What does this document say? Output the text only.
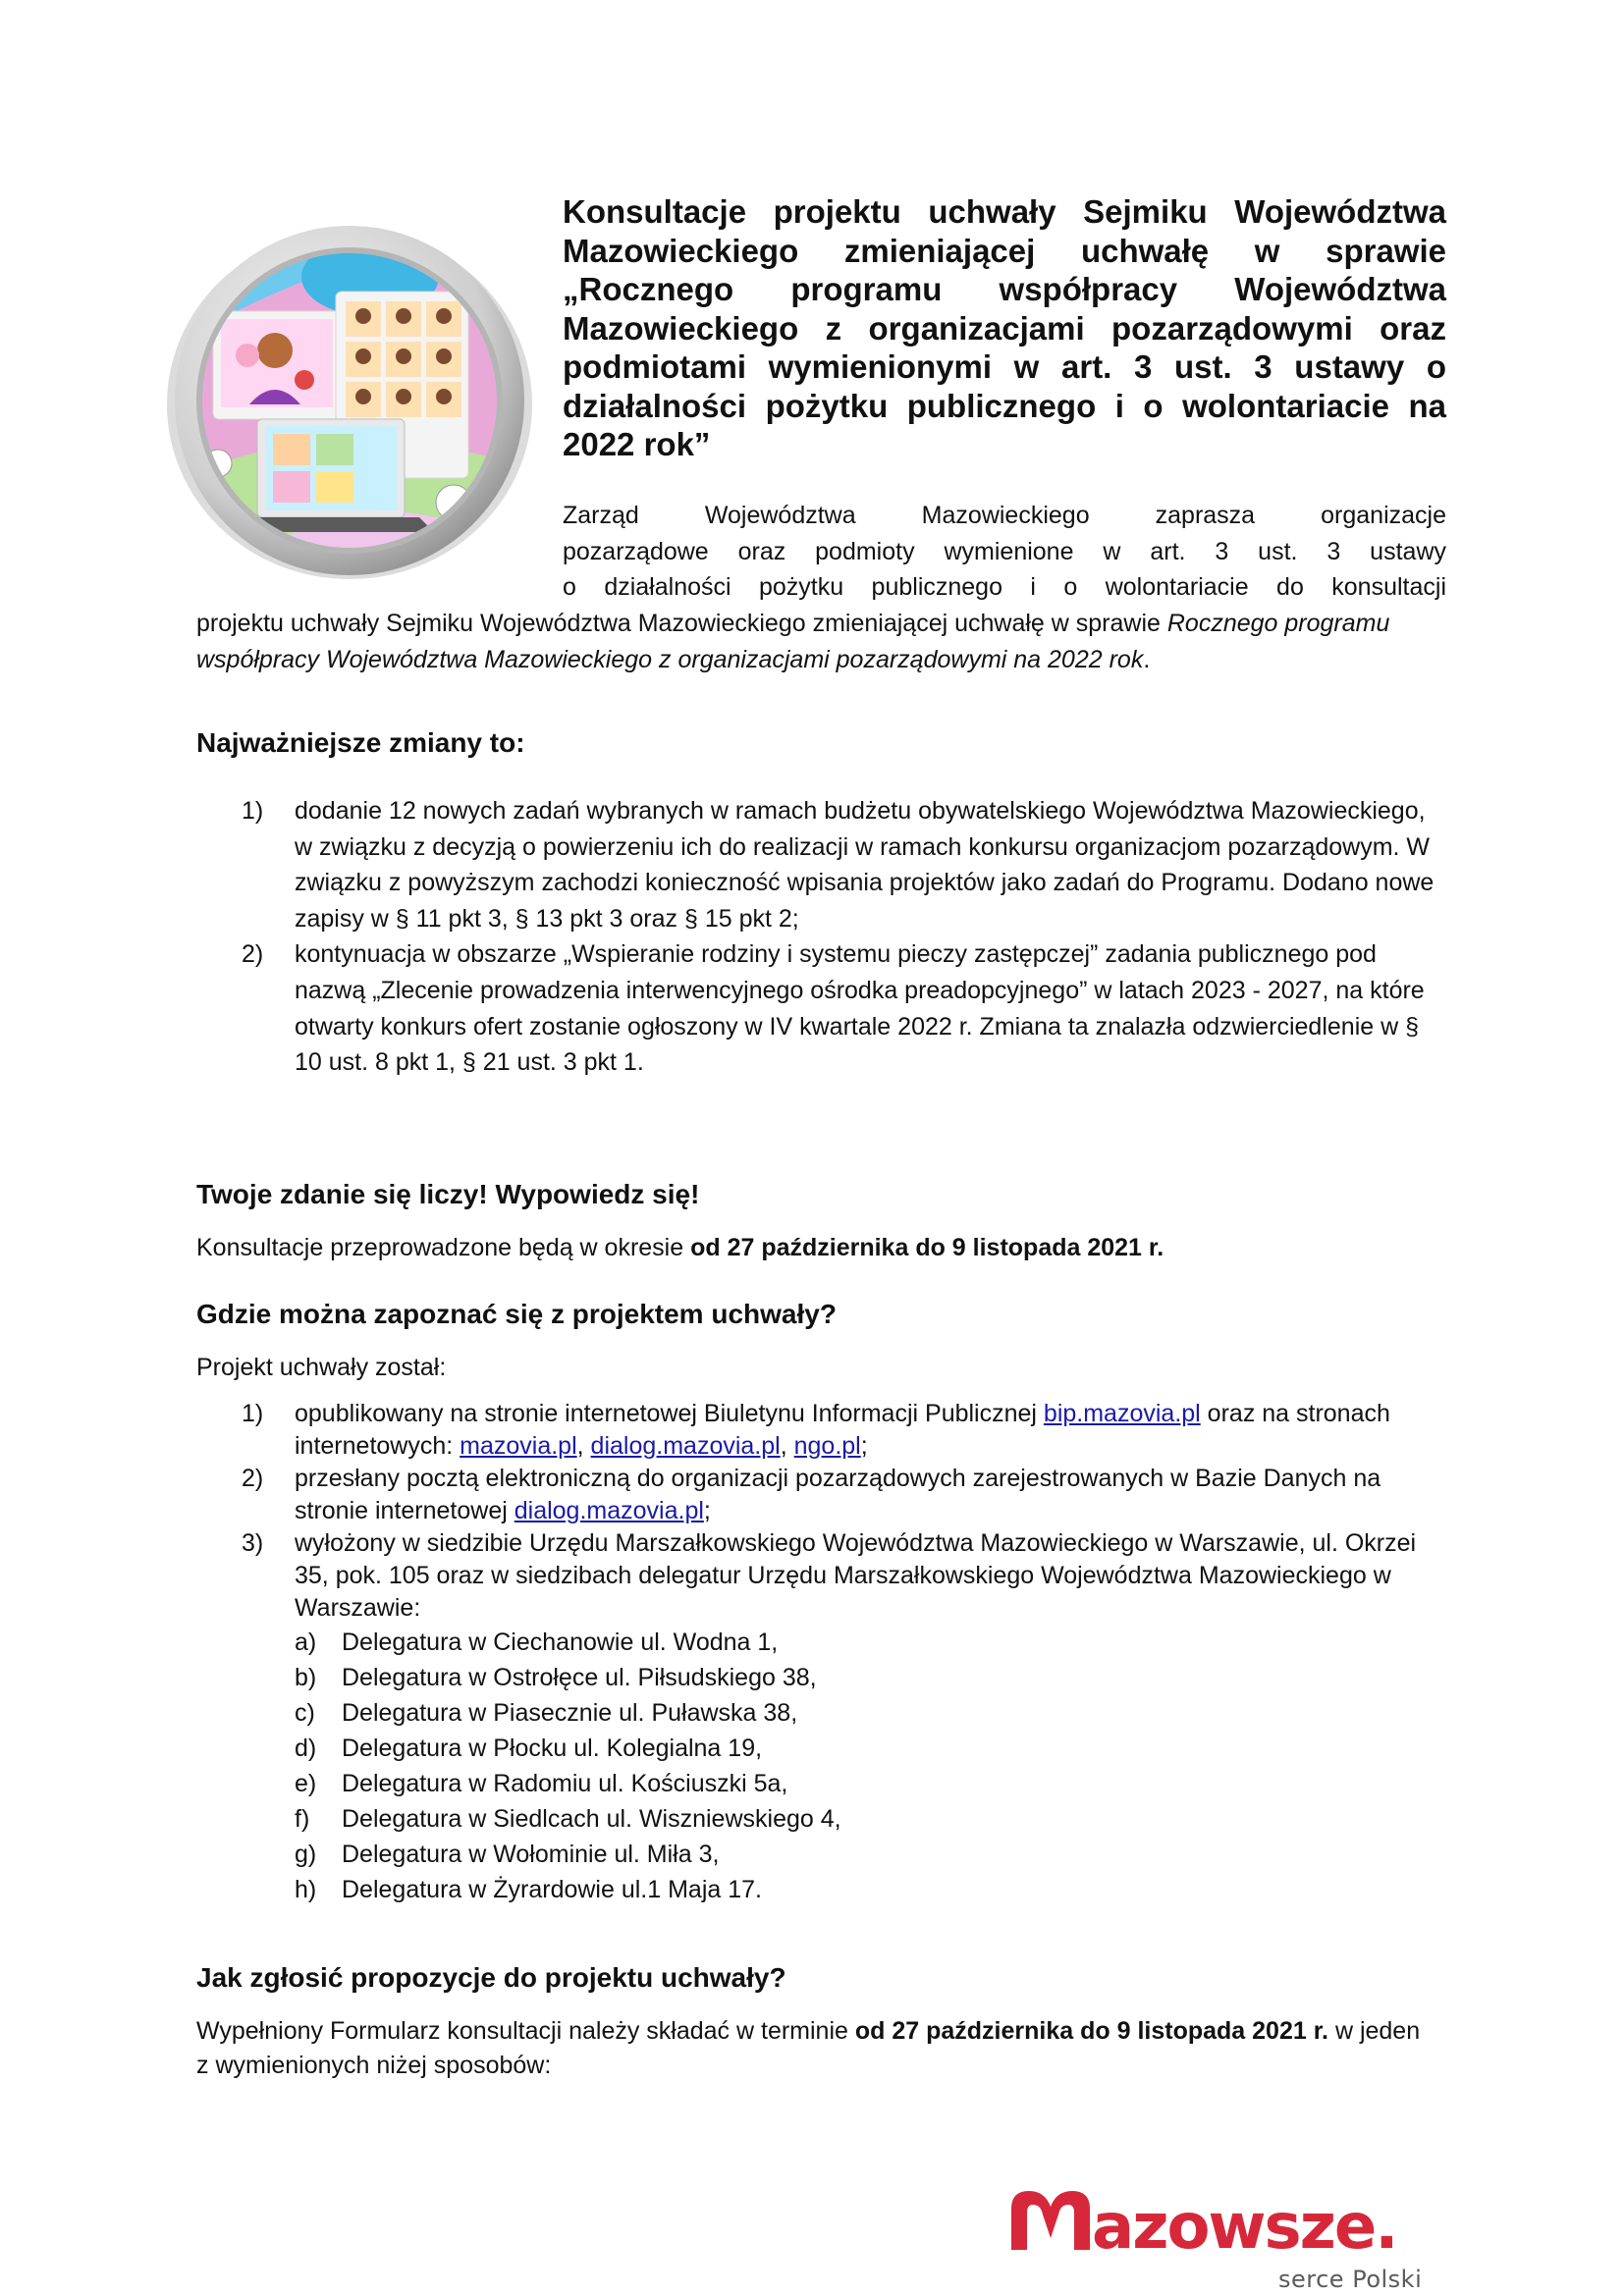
Konsultacje projektu uchwały Sejmiku Województwa Mazowieckiego zmieniającej uchwałę w sprawie „Rocznego programu współpracy Województwa Mazowieckiego z organizacjami pozarządowymi oraz podmiotami wymienionymi w art. 3 ust. 3 ustawy o działalności pożytku publicznego i o wolontariacie na 2022 rok”
Zarząd Województwa Mazowieckiego zaprasza organizacje
pozarządowe oraz podmioty wymienione w art. 3 ust. 3 ustawy
o działalności pożytku publicznego i o wolontariacie do konsultacji

projektu uchwały Sejmiku Województwa Mazowieckiego zmieniającej uchwałę w sprawie Rocznego programu współpracy Województwa Mazowieckiego z organizacjami pozarządowymi na 2022 rok.

Najważniejsze zmiany to:
1) dodanie 12 nowych zadań wybranych w ramach budżetu obywatelskiego Województwa Mazowieckiego, w związku z decyzją o powierzeniu ich do realizacji w ramach konkursu organizacjom pozarządowym. W związku z powyższym zachodzi konieczność wpisania projektów jako zadań do Programu. Dodano nowe zapisy w § 11 pkt 3, § 13 pkt 3 oraz § 15 pkt 2;
2) kontynuacja w obszarze „Wspieranie rodziny i systemu pieczy zastępczej” zadania publicznego pod nazwą „Zlecenie prowadzenia interwencyjnego ośrodka preadopcyjnego” w latach 2023 - 2027, na które otwarty konkurs ofert zostanie ogłoszony w IV kwartale 2022 r. Zmiana ta znalazła odzwierciedlenie w § 10 ust. 8 pkt 1, § 21 ust. 3 pkt 1.
Twoje zdanie się liczy! Wypowiedz się!

Konsultacje przeprowadzone będą w okresie od 27 października do 9 listopada 2021 r.

Gdzie można zapoznać się z projektem uchwały?

Projekt uchwały został:

1) opublikowany na stronie internetowej Biuletynu Informacji Publicznej bip.mazovia.pl oraz na stronach internetowych: mazovia.pl, dialog.mazovia.pl, ngo.pl;
2) przesłany pocztą elektroniczną do organizacji pozarządowych zarejestrowanych w Bazie Danych na stronie internetowej dialog.mazovia.pl;
3) wyłożony w siedzibie Urzędu Marszałkowskiego Województwa Mazowieckiego w Warszawie, ul. Okrzei 35, pok. 105 oraz w siedzibach delegatur Urzędu Marszałkowskiego Województwa Mazowieckiego w Warszawie:
a) Delegatura w Ciechanowie ul. Wodna 1,
b) Delegatura w Ostrołęce ul. Piłsudskiego 38,
c) Delegatura w Piasecznie ul. Puławska 38,
d) Delegatura w Płocku ul. Kolegialna 19,
e) Delegatura w Radomiu ul. Kościuszki 5a,
f) Delegatura w Siedlcach ul. Wiszniewskiego 4,
g) Delegatura w Wołominie ul. Miła 3,
h) Delegatura w Żyrardowie ul.1 Maja 17.
Jak zgłosić propozycje do projektu uchwały?

Wypełniony Formularz konsultacji należy składać w terminie od 27 października do 9 listopada 2021 r. w jeden z wymienionych niżej sposobów:

azowsze.
serce Polski
